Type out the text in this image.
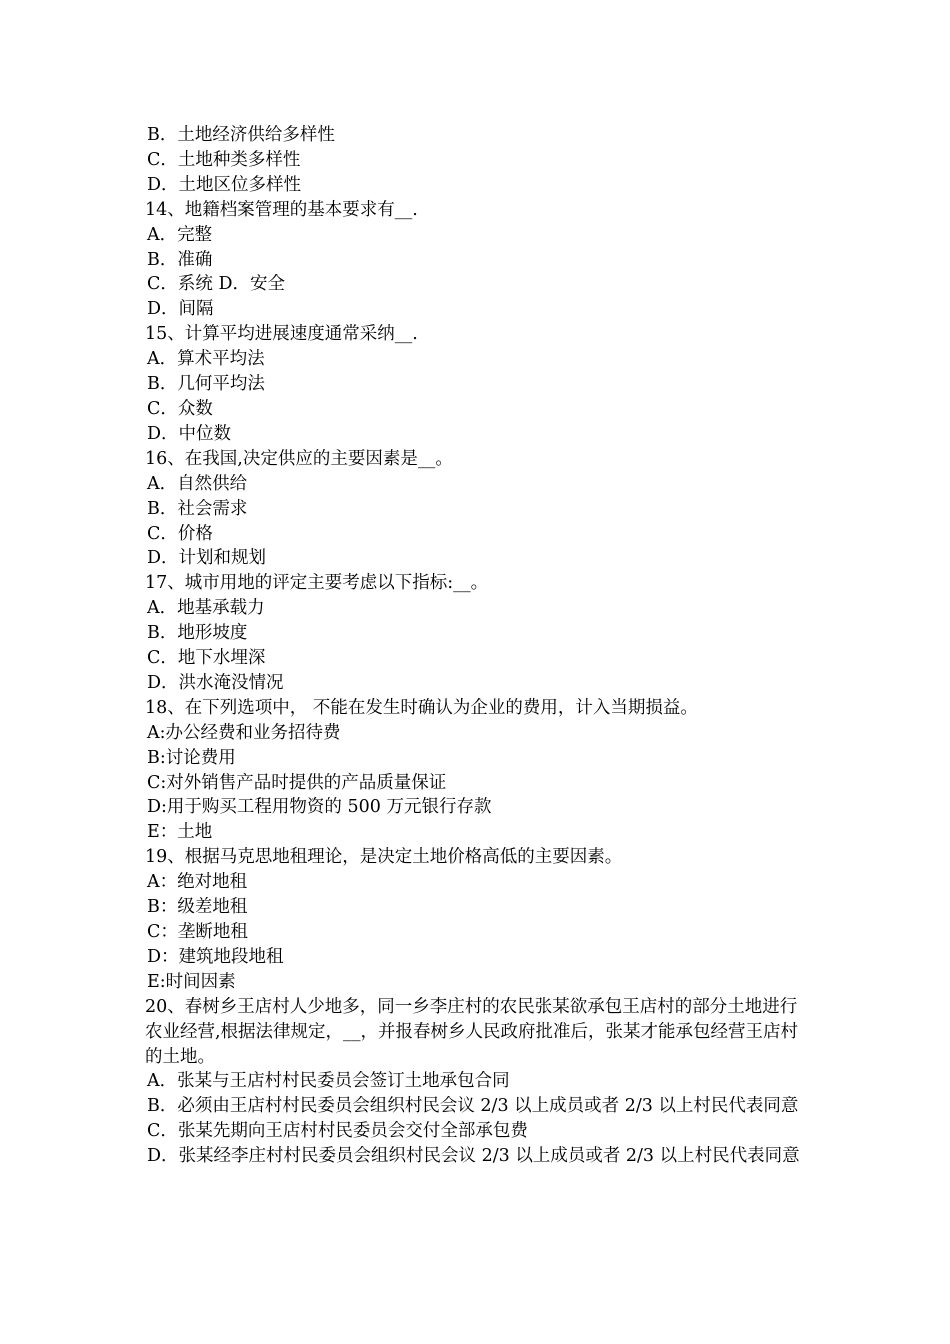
B．土地经济供给多样性
C．土地种类多样性
D．土地区位多样性
14、地籍档案管理的基本要求有__.
A．完整
B．准确
C．系统 D．安全
D．间隔
15、计算平均进展速度通常采纳__.
A．算术平均法
B．几何平均法
C．众数
D．中位数
16、在我国,决定供应的主要因素是__。
A．自然供给
B．社会需求
C．价格
D．计划和规划
17、城市用地的评定主要考虑以下指标:__。
A．地基承载力
B．地形坡度
C．地下水埋深
D．洪水淹没情况
18、在下列选项中， 不能在发生时确认为企业的费用，计入当期损益。
A:办公经费和业务招待费
B:讨论费用
C:对外销售产品时提供的产品质量保证
D:用于购买工程用物资的 500 万元银行存款
E：土地
19、根据马克思地租理论，是决定土地价格高低的主要因素。
A：绝对地租
B：级差地租
C：垄断地租
D：建筑地段地租
E:时间因素
20、春树乡王店村人少地多，同一乡李庄村的农民张某欲承包王店村的部分土地进行农业经营,根据法律规定，__，并报春树乡人民政府批准后，张某才能承包经营王店村的土地。
A．张某与王店村村民委员会签订土地承包合同
B．必须由王店村村民委员会组织村民会议 2/3 以上成员或者 2/3 以上村民代表同意
C．张某先期向王店村村民委员会交付全部承包费
D．张某经李庄村村民委员会组织村民会议 2/3 以上成员或者 2/3 以上村民代表同意
